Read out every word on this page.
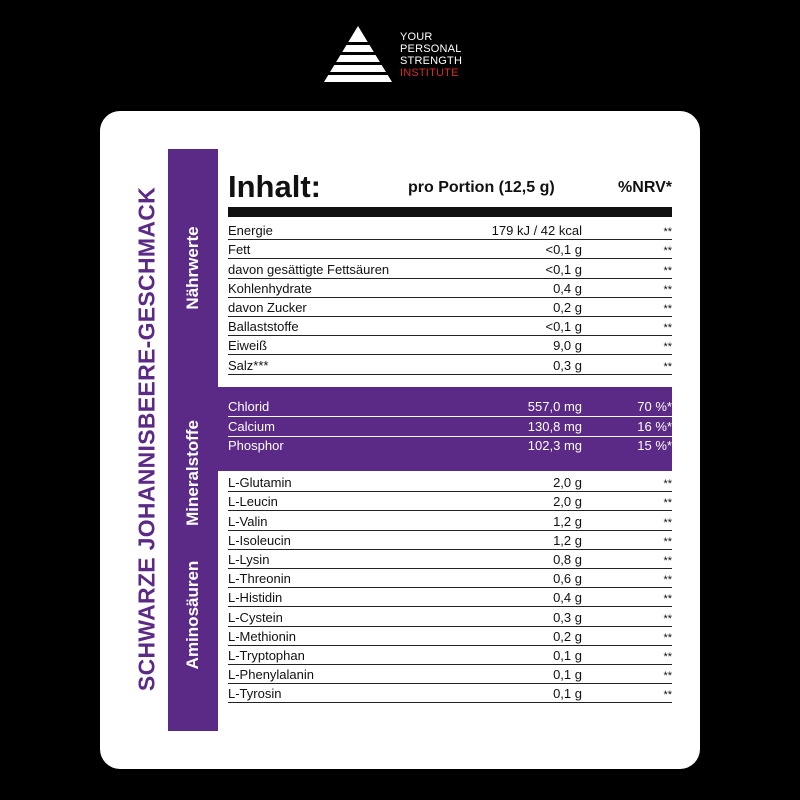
YOUR
PERSONAL
STRENGTH
INSTITUTE
SCHWARZE JOHANNISBEERE-GESCHMACK Nährwerte
Mineralstoffe
Aminosäuren
Inhalt:	pro Portion (12,5 g)	%NRV*
Energie	179 kJ / 42 kcal	**
Fett	<0,1 g	**
davon gesättigte Fettsäuren	<0,1 g	**
Kohlenhydrate	0,4 g	**
davon Zucker	0,2 g	**
Ballaststoffe	<0,1 g	**
Eiweiß	9,0 g	**
Salz***	0,3 g	**
Chlorid	557,0 mg	70 %*
Calcium	130,8 mg	16 %*
Phosphor	102,3 mg	15 %*
L-Glutamin	2,0 g	**
L-Leucin	2,0 g	**
L-Valin	1,2 g	**
L-Isoleucin	1,2 g	**
L-Lysin	0,8 g	**
L-Threonin	0,6 g	**
L-Histidin	0,4 g	**
L-Cystein	0,3 g	**
L-Methionin	0,2 g	**
L-Tryptophan	0,1 g	**
L-Phenylalanin	0,1 g	**
L-Tyrosin	0,1 g	**
